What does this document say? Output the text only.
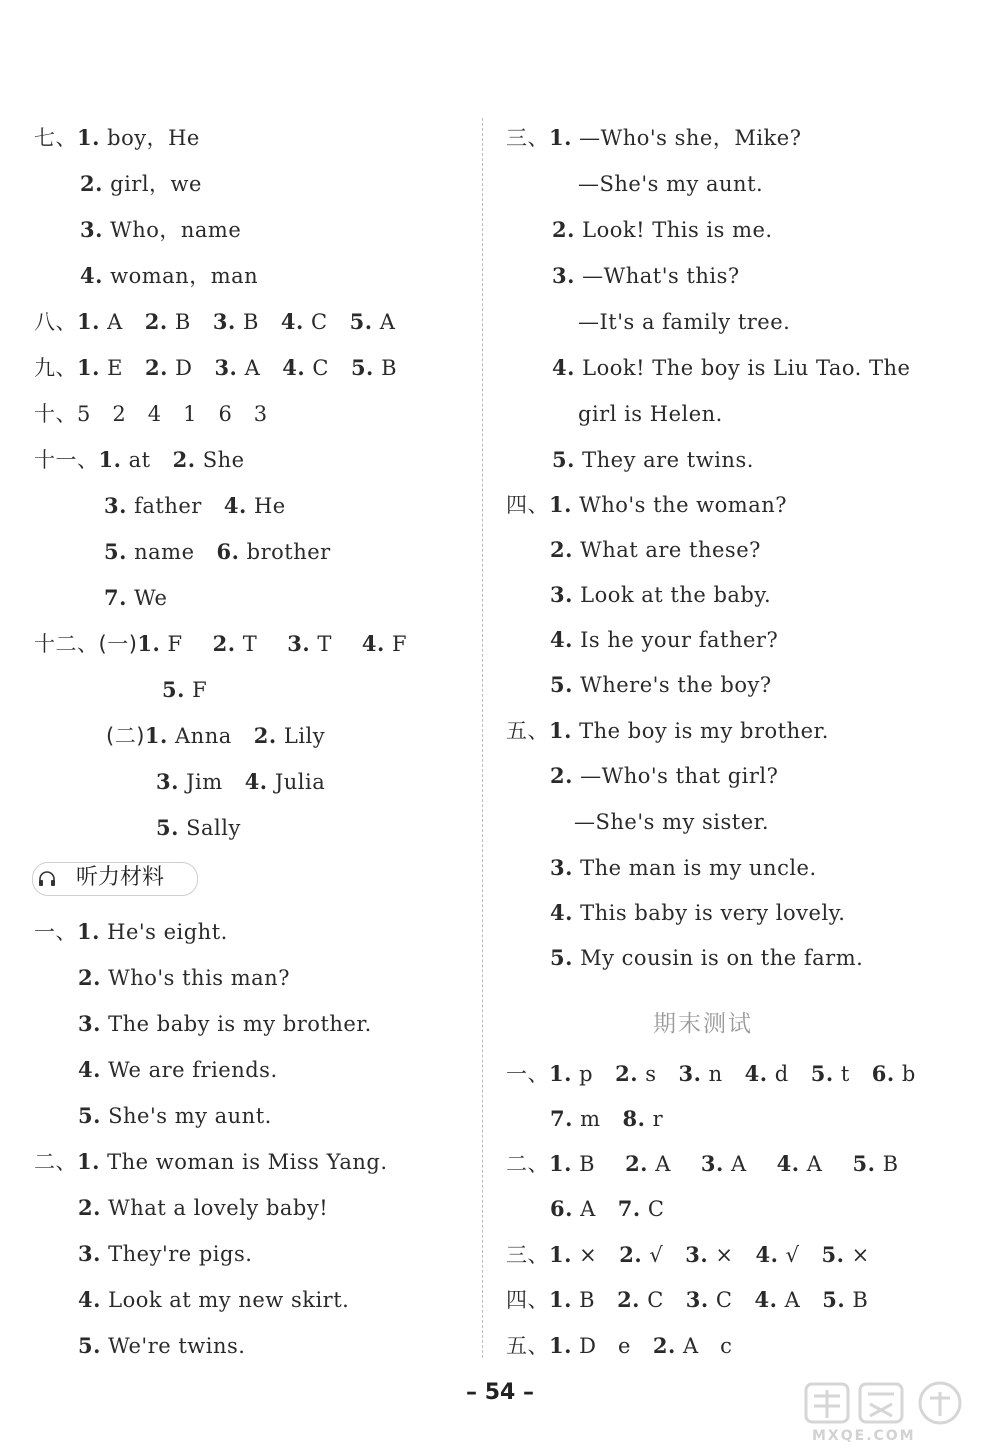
七、1. boy，He
2. girl，we
3. Who，name
4. woman，man
八、1. A 2. B 3. B 4. C 5. A
九、1. E 2. D 3. A 4. C 5. B
十、5　2　4　1　6　3
十一、1. at 2. She
3. father 4. He
5. name 6. brother
7. We
十二、(一)1. F 2. T 3. T 4. F
5. F
(二)1. Anna 2. Lily
3. Jim 4. Julia
5. Sally
听力材料
一、1. He's eight.
2. Who's this man?
3. The baby is my brother.
4. We are friends.
5. She's my aunt.
二、1. The woman is Miss Yang.
2. What a lovely baby!
3. They're pigs.
4. Look at my new skirt.
5. We're twins.
三、1. —Who's she，Mike?
—She's my aunt.
2. Look! This is me.
3. —What's this?
—It's a family tree.
4. Look! The boy is Liu Tao. The
girl is Helen.
5. They are twins.
四、1. Who's the woman?
2. What are these?
3. Look at the baby.
4. Is he your father?
5. Where's the boy?
五、1. The boy is my brother.
2. —Who's that girl?
—She's my sister.
3. The man is my uncle.
4. This baby is very lovely.
5. My cousin is on the farm.
期末测试
一、1. p 2. s 3. n 4. d 5. t 6. b
7. m 8. r
二、1. B 2. A 3. A 4. A 5. B
6. A 7. C
三、1. × 2. √ 3. × 4. √ 5. ×
四、1. B 2. C 3. C 4. A 5. B
五、1. D　e 2. A　c
– 54 –
MXQE.COM
